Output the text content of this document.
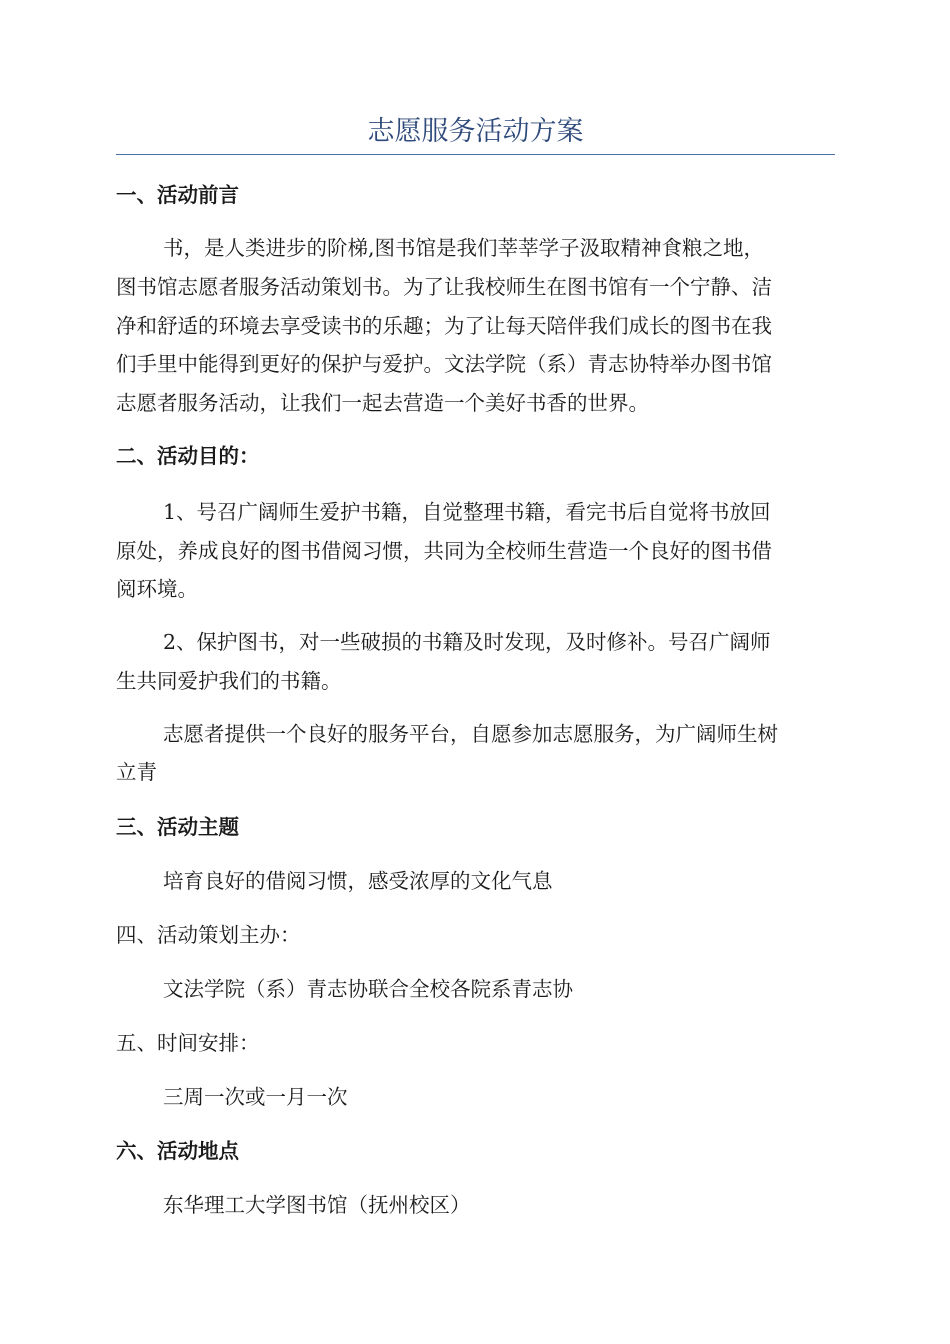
志愿服务活动方案
一、活动前言
书，是人类进步的阶梯,图书馆是我们莘莘学子汲取精神食粮之地，
图书馆志愿者服务活动策划书。为了让我校师生在图书馆有一个宁静、洁
净和舒适的环境去享受读书的乐趣；为了让每天陪伴我们成长的图书在我
们手里中能得到更好的保护与爱护。文法学院（系）青志协特举办图书馆
志愿者服务活动，让我们一起去营造一个美好书香的世界。
二、活动目的：
1、号召广阔师生爱护书籍，自觉整理书籍，看完书后自觉将书放回
原处，养成良好的图书借阅习惯，共同为全校师生营造一个良好的图书借
阅环境。
2、保护图书，对一些破损的书籍及时发现，及时修补。号召广阔师
生共同爱护我们的书籍。
志愿者提供一个良好的服务平台，自愿参加志愿服务，为广阔师生树
立青
三、活动主题
培育良好的借阅习惯，感受浓厚的文化气息
四、活动策划主办：
文法学院（系）青志协联合全校各院系青志协
五、时间安排：
三周一次或一月一次
六、活动地点
东华理工大学图书馆（抚州校区）
